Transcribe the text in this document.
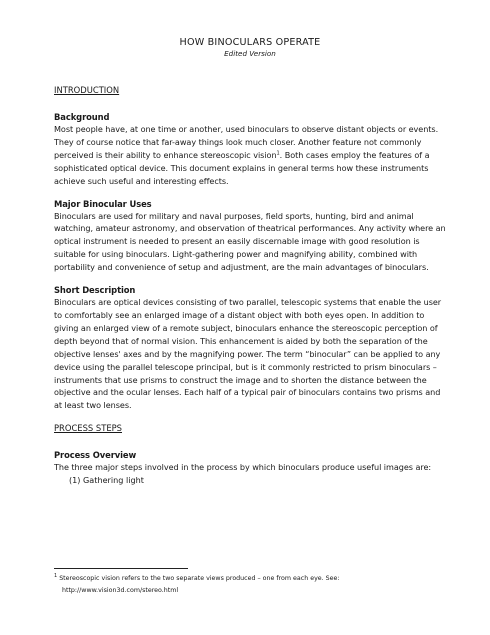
HOW BINOCULARS OPERATE

Edited Version

INTRODUCTION

Background

Most people have, at one time or another, used binoculars to observe distant objects or events. They of course notice that far-away things look much closer. Another feature not commonly perceived is their ability to enhance stereoscopic vision$^1$. Both cases employ the features of a sophisticated optical device. This document explains in general terms how these instruments achieve such useful and interesting effects.

Major Binocular Uses

Binoculars are used for military and naval purposes, field sports, hunting, bird and animal watching, amateur astronomy, and observation of theatrical performances. Any activity where an optical instrument is needed to present an easily discernable image with good resolution is suitable for using binoculars. Light-gathering power and magnifying ability, combined with portability and convenience of setup and adjustment, are the main advantages of binoculars.

Short Description

Binoculars are optical devices consisting of two parallel, telescopic systems that enable the user to comfortably see an enlarged image of a distant object with both eyes open. In addition to giving an enlarged view of a remote subject, binoculars enhance the stereoscopic perception of depth beyond that of normal vision. This enhancement is aided by both the separation of the objective lenses' axes and by the magnifying power. The term “binocular” can be applied to any device using the parallel telescope principal, but is it commonly restricted to prism binoculars – instruments that use prisms to construct the image and to shorten the distance between the objective and the ocular lenses. Each half of a typical pair of binoculars contains two prisms and at least two lenses.

PROCESS STEPS

Process Overview

The three major steps involved in the process by which binoculars produce useful images are:

(1) Gathering light

$^1$ Stereoscopic vision refers to the two separate views produced – one from each eye. See:
http://www.vision3d.com/stereo.html
